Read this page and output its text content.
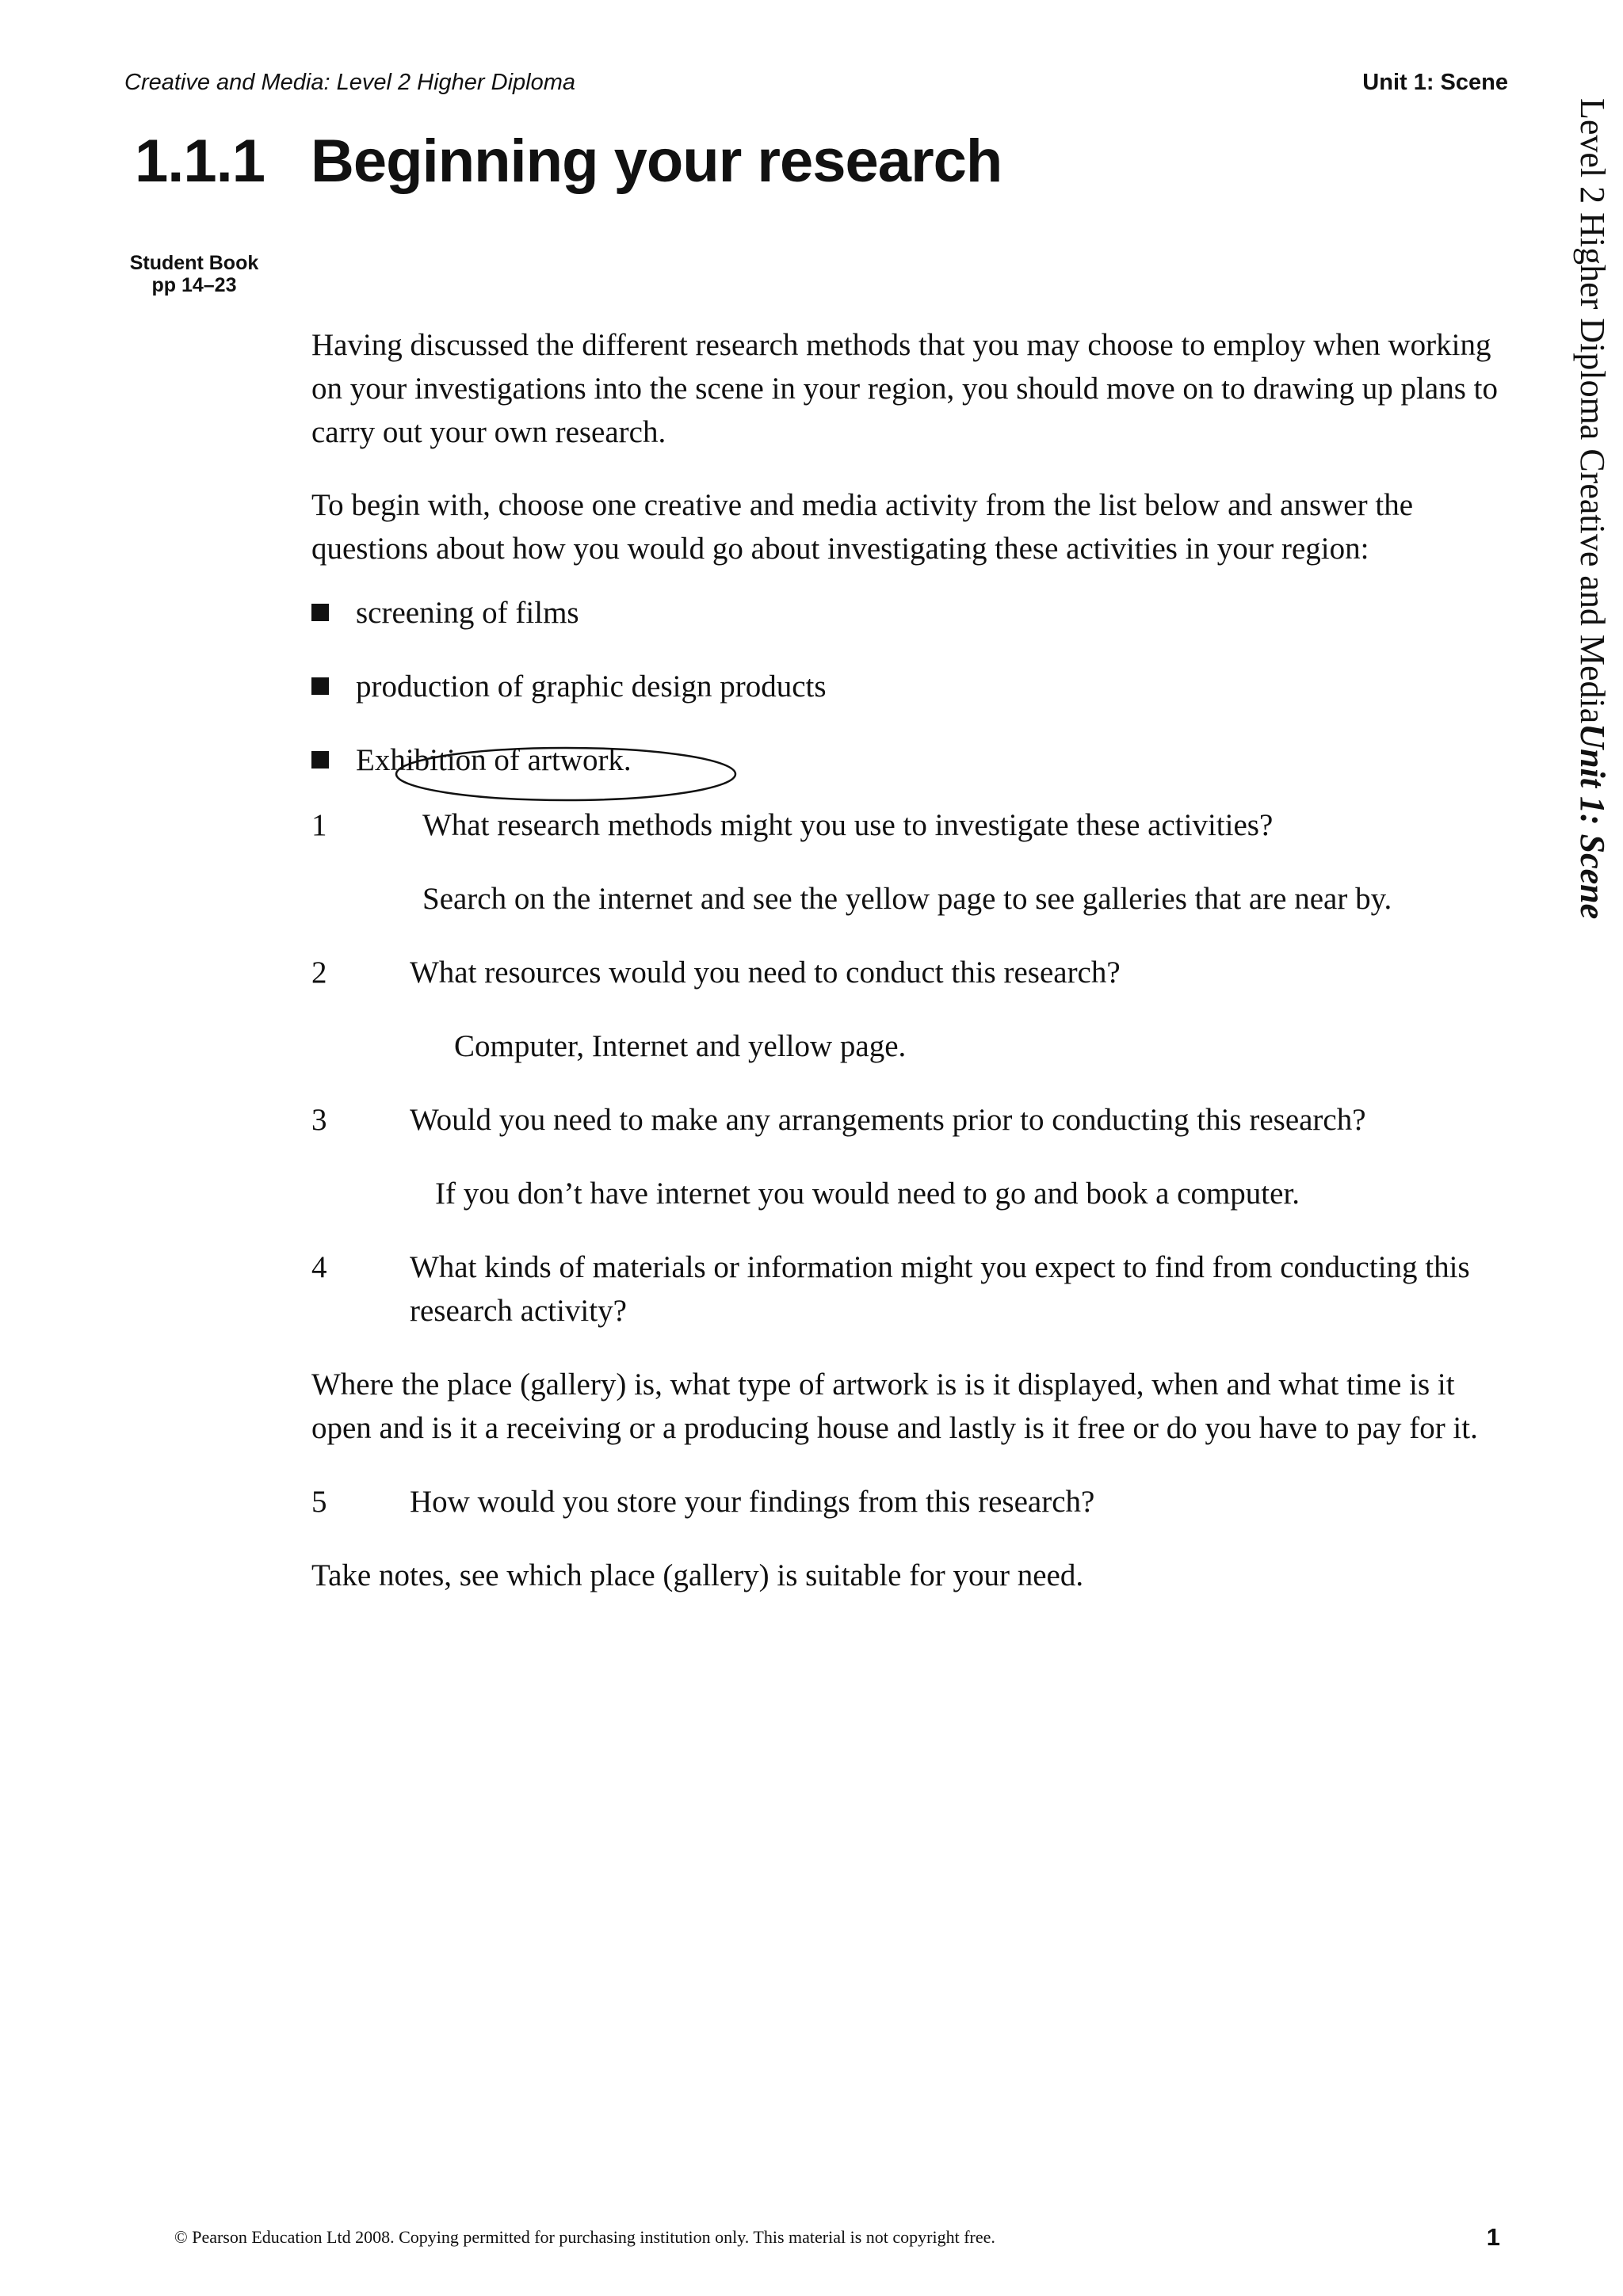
Creative and Media: Level 2 Higher Diploma	Unit 1: Scene
1.1.1 Beginning your research
Student Book
pp 14–23

Having discussed the different research methods that you may choose to employ when working on your investigations into the scene in your region, you should move on to drawing up plans to carry out your own research.

To begin with, choose one creative and media activity from the list below and answer the questions about how you would go about investigating these activities in your region:

screening of films
production of graphic design products
Exhibition of artwork.
1	What research methods might you use to investigate these activities?
Search on the internet and see the yellow page to see galleries that are near by.
2	What resources would you need to conduct this research?
Computer, Internet and yellow page.
3	Would you need to make any arrangements prior to conducting this research?
If you don’t have internet you would need to go and book a computer.
4	What kinds of materials or information might you expect to find from conducting this research activity?
Where the place (gallery) is, what type of artwork is is it displayed, when and what time is it open and is it a receiving or a producing house and lastly is it free or do you have to pay for it.
5	How would you store your findings from this research?
Take notes, see which place (gallery) is suitable for your need.
Level 2 Higher Diploma Creative and MediaUnit 1: Scene
© Pearson Education Ltd 2008. Copying permitted for purchasing institution only. This material is not copyright free.	1
